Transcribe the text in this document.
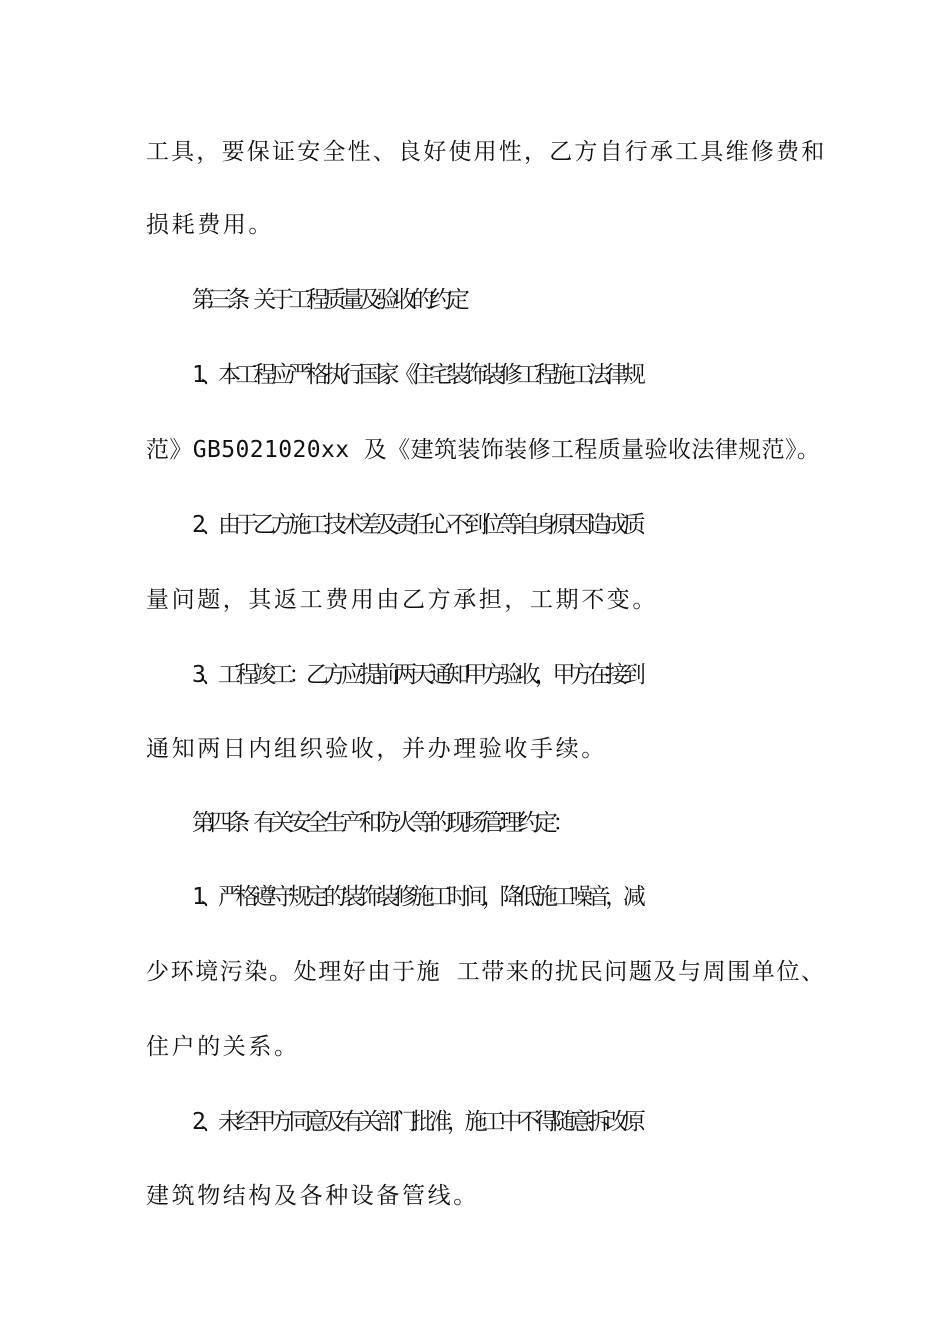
工具，要保证安全性、良好使用性，乙方自行承工具维修费和
损耗费用。
第三条 关于工程质量及验收的约定
1、本工程应严格执行国家《住宅装饰装修工程施工法律规
范》GB5021020xx 及《建筑装饰装修工程质量验收法律规范》。
2、由于乙方施工技术差及责任心不到位等自身原因造成质
量问题，其返工费用由乙方承担，工期不变。
3、工程竣工：乙方应提前两天通知甲方验收，甲方在接到
通知两日内组织验收，并办理验收手续。
第四条 有关安全生产和防火等的现场管理约定：
1、严格遵守规定的装饰装修施工时间，降低施工噪音，减
少环境污染。处理好由于施 工带来的扰民问题及与周围单位、
住户的关系。
2、未经甲方同意及有关部门批准，施工中不得随意拆改原
建筑物结构及各种设备管线。
